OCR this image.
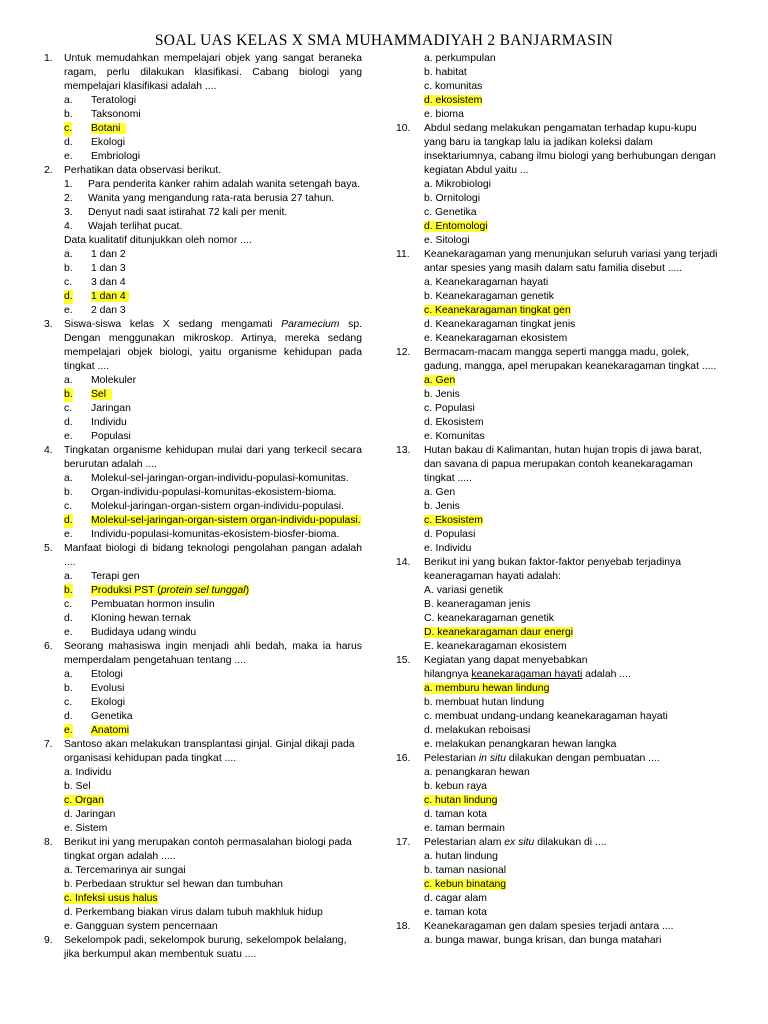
SOAL UAS KELAS X SMA MUHAMMADIYAH 2 BANJARMASIN
1. Untuk memudahkan mempelajari objek yang sangat beraneka ragam, perlu dilakukan klasifikasi. Cabang biologi yang mempelajari klasifikasi adalah ....
a. Teratologi
b. Taksonomi
c. Botani
d. Ekologi
e. Embriologi
2. Perhatikan data observasi berikut.
1. Para penderita kanker rahim adalah wanita setengah baya.
2. Wanita yang mengandung rata-rata berusia 27 tahun.
3. Denyut nadi saat istirahat 72 kali per menit.
4. Wajah terlihat pucat.
Data kualitatif ditunjukkan oleh nomor ....
a. 1 dan 2
b. 1 dan 3
c. 3 dan 4
d. 1 dan 4
e. 2 dan 3
3. Siswa-siswa kelas X sedang mengamati Paramecium sp. Dengan menggunakan mikroskop. Artinya, mereka sedang mempelajari objek biologi, yaitu organisme kehidupan pada tingkat ....
a. Molekuler
b. Sel
c. Jaringan
d. Individu
e. Populasi
4. Tingkatan organisme kehidupan mulai dari yang terkecil secara berurutan adalah ....
a. Molekul-sel-jaringan-organ-individu-populasi-komunitas.
b. Organ-individu-populasi-komunitas-ekosistem-bioma.
c. Molekul-jaringan-organ-sistem organ-individu-populasi.
d. Molekul-sel-jaringan-organ-sistem organ-individu-populasi.
e. Individu-populasi-komunitas-ekosistem-biosfer-bioma.
5. Manfaat biologi di bidang teknologi pengolahan pangan adalah ....
a. Terapi gen
b. Produksi PST (protein sel tunggal)
c. Pembuatan hormon insulin
d. Kloning hewan ternak
e. Budidaya udang windu
6. Seorang mahasiswa ingin menjadi ahli bedah, maka ia harus memperdalam pengetahuan tentang ....
a. Etologi
b. Evolusi
c. Ekologi
d. Genetika
e. Anatomi
7. Santoso akan melakukan transplantasi ginjal. Ginjal dikaji pada organisasi kehidupan pada tingkat ....
a. Individu
b. Sel
c. Organ
d. Jaringan
e. Sistem
8. Berikut ini yang merupakan contoh permasalahan biologi pada tingkat organ adalah .....
a. Tercemarinya air sungai
b. Perbedaan struktur sel hewan dan tumbuhan
c. Infeksi usus halus
d. Perkembang biakan virus dalam tubuh makhluk hidup
e. Gangguan system pencernaan
9. Sekelompok padi, sekelompok burung, sekelompok belalang, jika berkumpul akan membentuk suatu ....
a. perkumpulan
b. habitat
c. komunitas
d. ekosistem
e. bioma
10. Abdul sedang melakukan pengamatan terhadap kupu-kupu yang baru ia tangkap lalu ia jadikan koleksi dalam insektariumnya, cabang ilmu biologi yang berhubungan dengan kegiatan Abdul yaitu ...
a. Mikrobiologi
b. Ornitologi
c. Genetika
d. Entomologi
e. Sitologi
11. Keanekaragaman yang menunjukan seluruh variasi yang terjadi antar spesies yang masih dalam satu familia disebut .....
a. Keanekaragaman hayati
b. Keanekaragaman genetik
c. Keanekaragaman tingkat gen
d. Keanekaragaman tingkat jenis
e. Keanekaragaman ekosistem
12. Bermacam-macam mangga seperti mangga madu, golek, gadung, mangga, apel merupakan keanekaragaman tingkat .....
a. Gen
b. Jenis
c. Populasi
d. Ekosistem
e. Komunitas
13. Hutan bakau di Kalimantan, hutan hujan tropis di jawa barat, dan savana di papua merupakan contoh keanekaragaman tingkat .....
a. Gen
b. Jenis
c. Ekosistem
d. Populasi
e. Individu
14. Berikut ini yang bukan faktor-faktor penyebab terjadinya keaneragaman hayati adalah:
A. variasi genetik
B. keaneragaman jenis
C. keanekaragaman genetik
D. keanekaragaman daur energi
E. keanekaragaman ekosistem
15. Kegiatan yang dapat menyebabkan
hilangnya keanekaragaman hayati adalah ....
a. memburu hewan lindung
b. membuat hutan lindung
c. membuat undang-undang keanekaragaman hayati
d. melakukan reboisasi
e. melakukan penangkaran hewan langka
16. Pelestarian in situ dilakukan dengan pembuatan ....
a. penangkaran hewan
b. kebun raya
c. hutan lindung
d. taman kota
e. taman bermain
17. Pelestarian alam ex situ dilakukan di ....
a. hutan lindung
b. taman nasional
c. kebun binatang
d. cagar alam
e. taman kota
18. Keanekaragaman gen dalam spesies terjadi antara ....
a. bunga mawar, bunga krisan, dan bunga matahari
